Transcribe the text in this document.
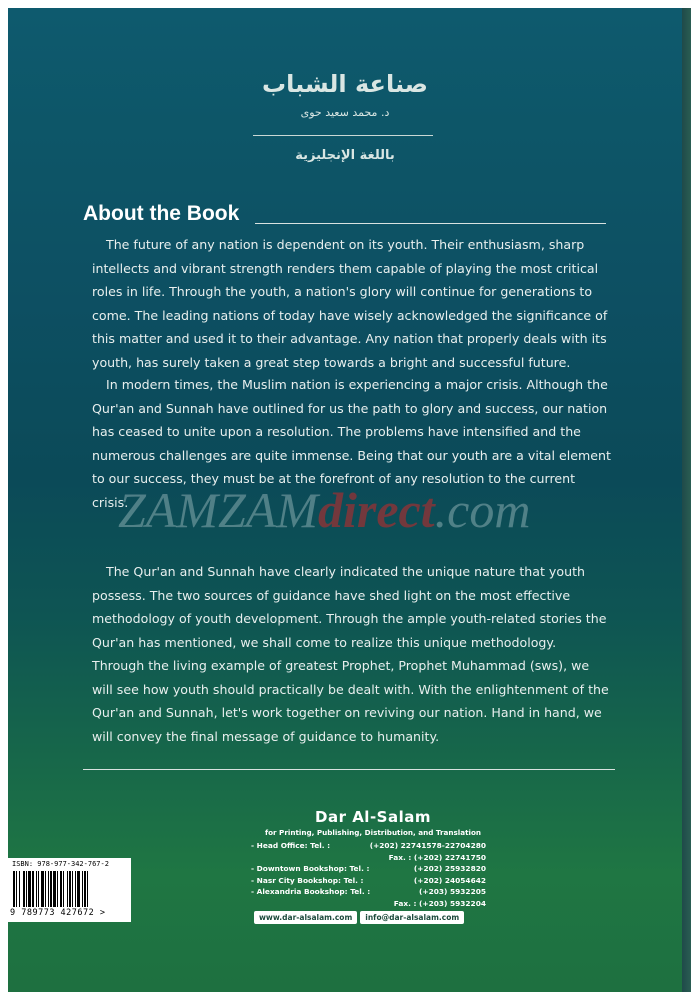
صناعة الشباب
د. محمد سعيد حوى
باللغة الإنجليزية
About the Book

The future of any nation is dependent on its youth. Their enthusiasm, sharp intellects and vibrant strength renders them capable of playing the most critical roles in life. Through the youth, a nation's glory will continue for generations to come. The leading nations of today have wisely acknowledged the significance of this matter and used it to their advantage. Any nation that properly deals with its youth, has surely taken a great step towards a bright and successful future.

In modern times, the Muslim nation is experiencing a major crisis. Although the Qur'an and Sunnah have outlined for us the path to glory and success, our nation has ceased to unite upon a resolution. The problems have intensified and the numerous challenges are quite immense. Being that our youth are a vital element to our success, they must be at the forefront of any resolution to the current crisis.

The Qur'an and Sunnah have clearly indicated the unique nature that youth possess. The two sources of guidance have shed light on the most effective methodology of youth development. Through the ample youth-related stories the Qur'an has mentioned, we shall come to realize this unique methodology. Through the living example of greatest Prophet, Prophet Muhammad (sws), we will see how youth should practically be dealt with. With the enlightenment of the Qur'an and Sunnah, let's work together on reviving our nation. Hand in hand, we will convey the final message of guidance to humanity.

ZAMZAMdirect.com
Dar Al-Salam
for Printing, Publishing, Distribution, and Translation
- Head Office: Tel. :	(+202) 22741578-22704280
Fax. : (+202) 22741750
- Downtown Bookshop: Tel. :	(+202) 25932820
- Nasr City Bookshop: Tel. :	(+202) 24054642
- Alexandria Bookshop: Tel. :	(+203) 5932205
Fax. : (+203) 5932204
www.dar-alsalam.com	info@dar-alsalam.com
ISBN: 978-977-342-767-2
9 789773 427672 >
